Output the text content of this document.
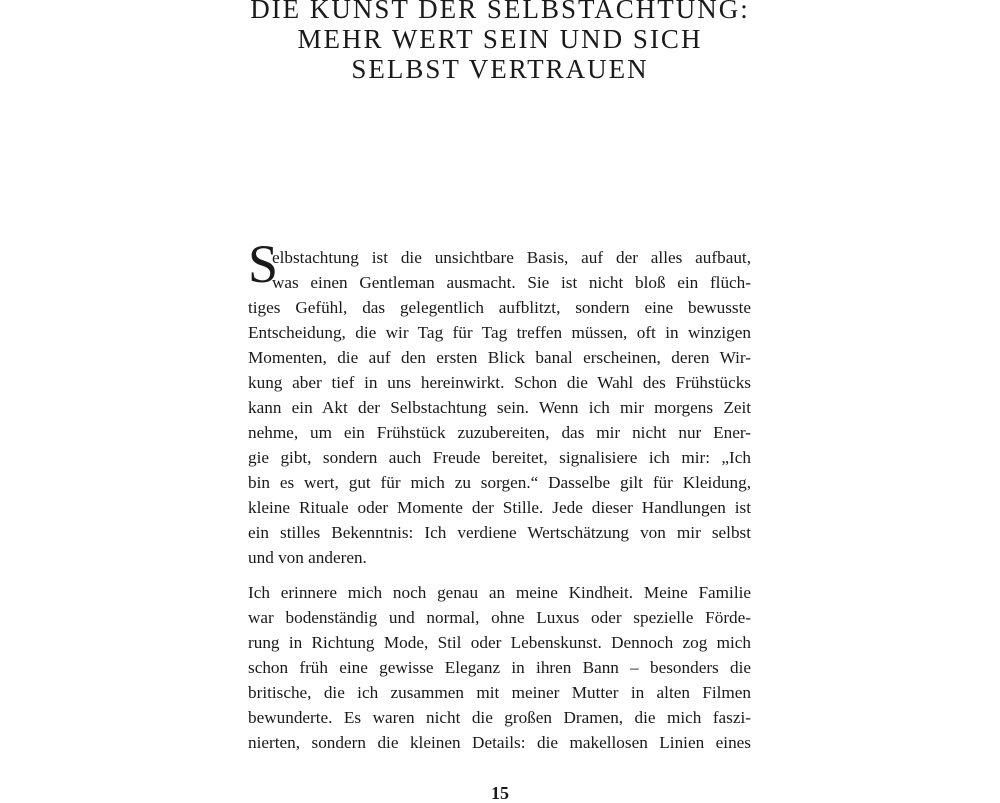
DIE KUNST DER SELBSTACHTUNG:
MEHR WERT SEIN UND SICH
SELBST VERTRAUEN

S
elbstachtung ist die unsichtbare Basis, auf der alles aufbaut,
was einen Gentleman ausmacht. Sie ist nicht bloß ein flüch-
tiges Gefühl, das gelegentlich aufblitzt, sondern eine bewusste
Entscheidung, die wir Tag für Tag treffen müssen, oft in winzigen
Momenten, die auf den ersten Blick banal erscheinen, deren Wir-
kung aber tief in uns hereinwirkt. Schon die Wahl des Frühstücks
kann ein Akt der Selbstachtung sein. Wenn ich mir morgens Zeit
nehme, um ein Frühstück zuzubereiten, das mir nicht nur Ener-
gie gibt, sondern auch Freude bereitet, signalisiere ich mir: „Ich
bin es wert, gut für mich zu sorgen.“ Dasselbe gilt für Kleidung,
kleine Rituale oder Momente der Stille. Jede dieser Handlungen ist
ein stilles Bekenntnis: Ich verdiene Wertschätzung von mir selbst
und von anderen.

Ich erinnere mich noch genau an meine Kindheit. Meine Familie
war bodenständig und normal, ohne Luxus oder spezielle Förde-
rung in Richtung Mode, Stil oder Lebenskunst. Dennoch zog mich
schon früh eine gewisse Eleganz in ihren Bann – besonders die
britische, die ich zusammen mit meiner Mutter in alten Filmen
bewunderte. Es waren nicht die großen Dramen, die mich faszi-
nierten, sondern die kleinen Details: die makellosen Linien eines

15
